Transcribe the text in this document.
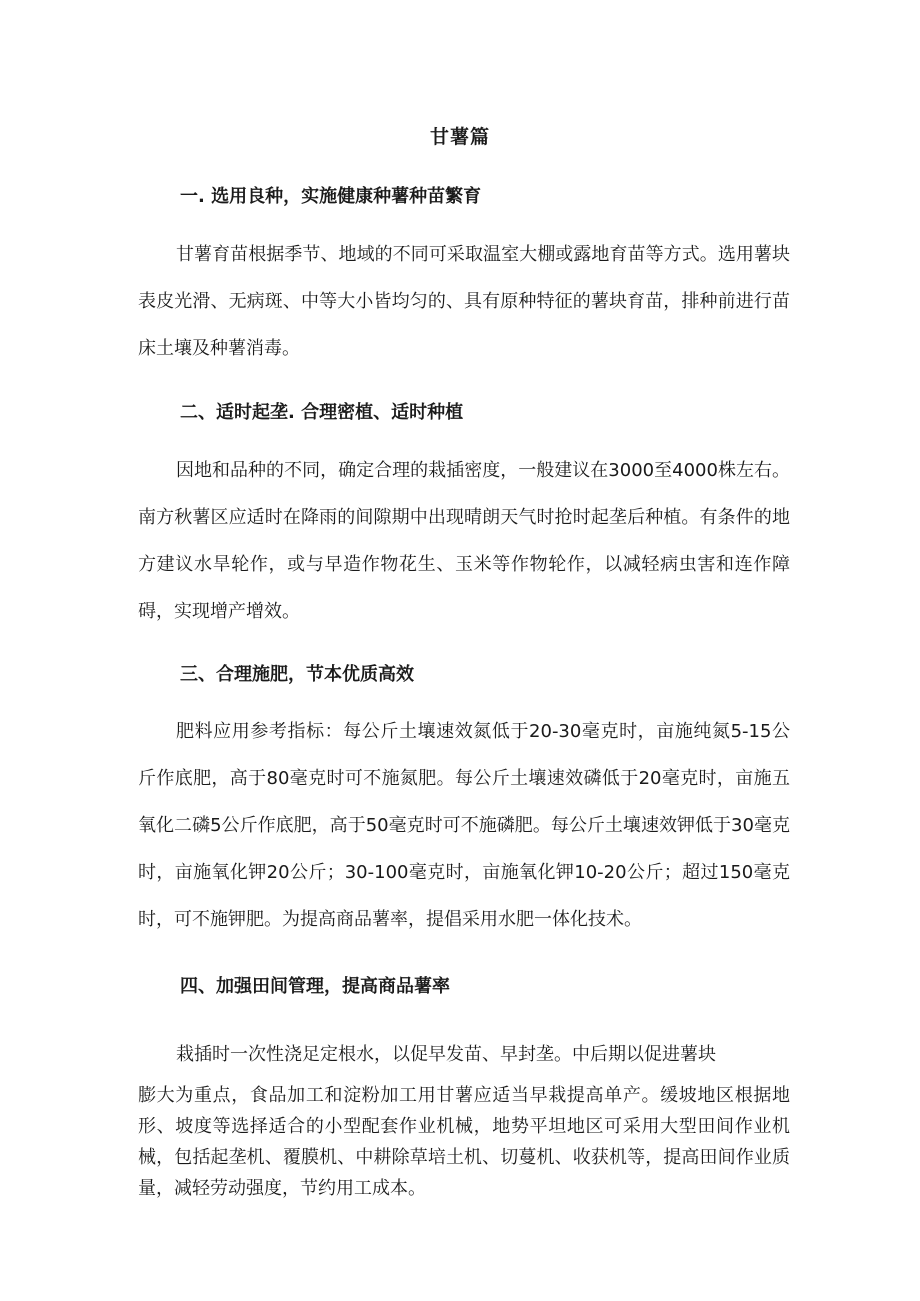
甘薯篇
一. 选用良种，实施健康种薯种苗繁育

甘薯育苗根据季节、地域的不同可采取温室大棚或露地育苗等方式。选用薯块表皮光滑、无病斑、中等大小皆均匀的、具有原种特征的薯块育苗，排种前进行苗床土壤及种薯消毒。

二、适时起垄. 合理密植、适时种植

因地和品种的不同，确定合理的栽插密度，一般建议在3000至4000株左右。南方秋薯区应适时在降雨的间隙期中出现晴朗天气时抢时起垄后种植。有条件的地方建议水旱轮作，或与早造作物花生、玉米等作物轮作，以减轻病虫害和连作障碍，实现增产增效。

三、合理施肥，节本优质高效

肥料应用参考指标：每公斤土壤速效氮低于20-30毫克时，亩施纯氮5-15公斤作底肥，高于80毫克时可不施氮肥。每公斤土壤速效磷低于20毫克时，亩施五氧化二磷5公斤作底肥，高于50毫克时可不施磷肥。每公斤土壤速效钾低于30毫克时，亩施氧化钾20公斤；30-100毫克时，亩施氧化钾10-20公斤；超过150毫克时，可不施钾肥。为提高商品薯率，提倡采用水肥一体化技术。

四、加强田间管理，提高商品薯率
栽插时一次性浇足定根水，以促早发苗、早封垄。中后期以促进薯块

膨大为重点，食品加工和淀粉加工用甘薯应适当早栽提高单产。缓坡地区根据地形、坡度等选择适合的小型配套作业机械，地势平坦地区可采用大型田间作业机械，包括起垄机、覆膜机、中耕除草培土机、切蔓机、收获机等，提高田间作业质量，减轻劳动强度，节约用工成本。
